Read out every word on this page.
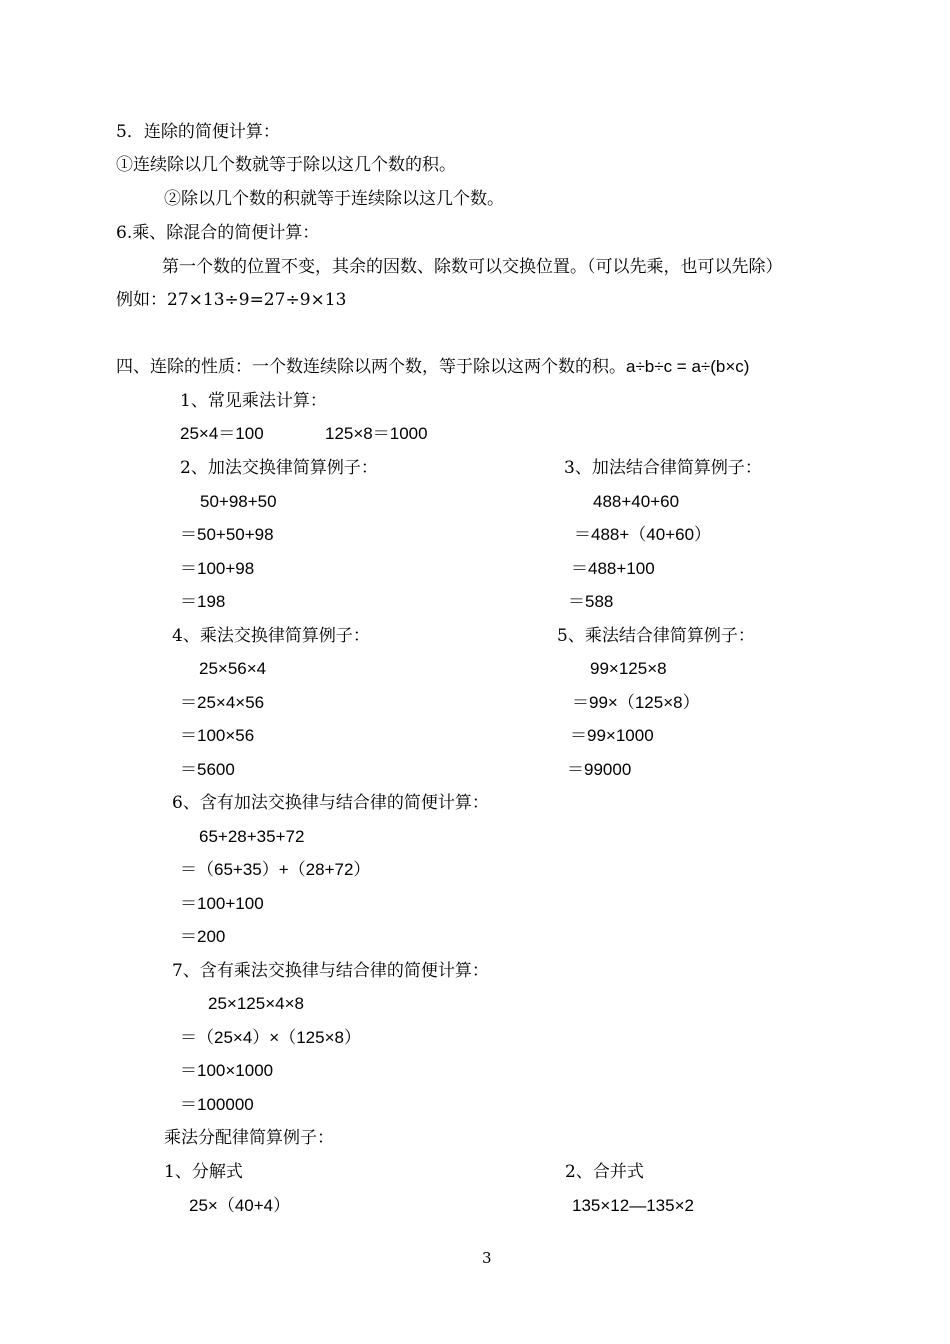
5．连除的简便计算：
①连续除以几个数就等于除以这几个数的积。
②除以几个数的积就等于连续除以这几个数。
6.乘、除混合的简便计算：
第一个数的位置不变，其余的因数、除数可以交换位置。（可以先乘，也可以先除）
例如：27×13÷9=27÷9×13
四、连除的性质：一个数连续除以两个数，等于除以这两个数的积。a÷b÷c = a÷(b×c)
1、常见乘法计算：
25×4＝100	125×8＝1000
2、加法交换律简算例子：
50+98+50
＝50+50+98
＝100+98
＝198
3、加法结合律简算例子：
488+40+60
＝488+（40+60）
＝488+100
＝588
4、乘法交换律简算例子：
25×56×4
＝25×4×56
＝100×56
＝5600
5、乘法结合律简算例子：
99×125×8
＝99×（125×8）
＝99×1000
＝99000
6、含有加法交换律与结合律的简便计算：
65+28+35+72
＝（65+35）+（28+72）
＝100+100
＝200
7、含有乘法交换律与结合律的简便计算：
25×125×4×8
＝（25×4）×（125×8）
＝100×1000
＝100000
乘法分配律简算例子：
1、分解式
25×（40+4）
2、合并式
135×12—135×2
3
